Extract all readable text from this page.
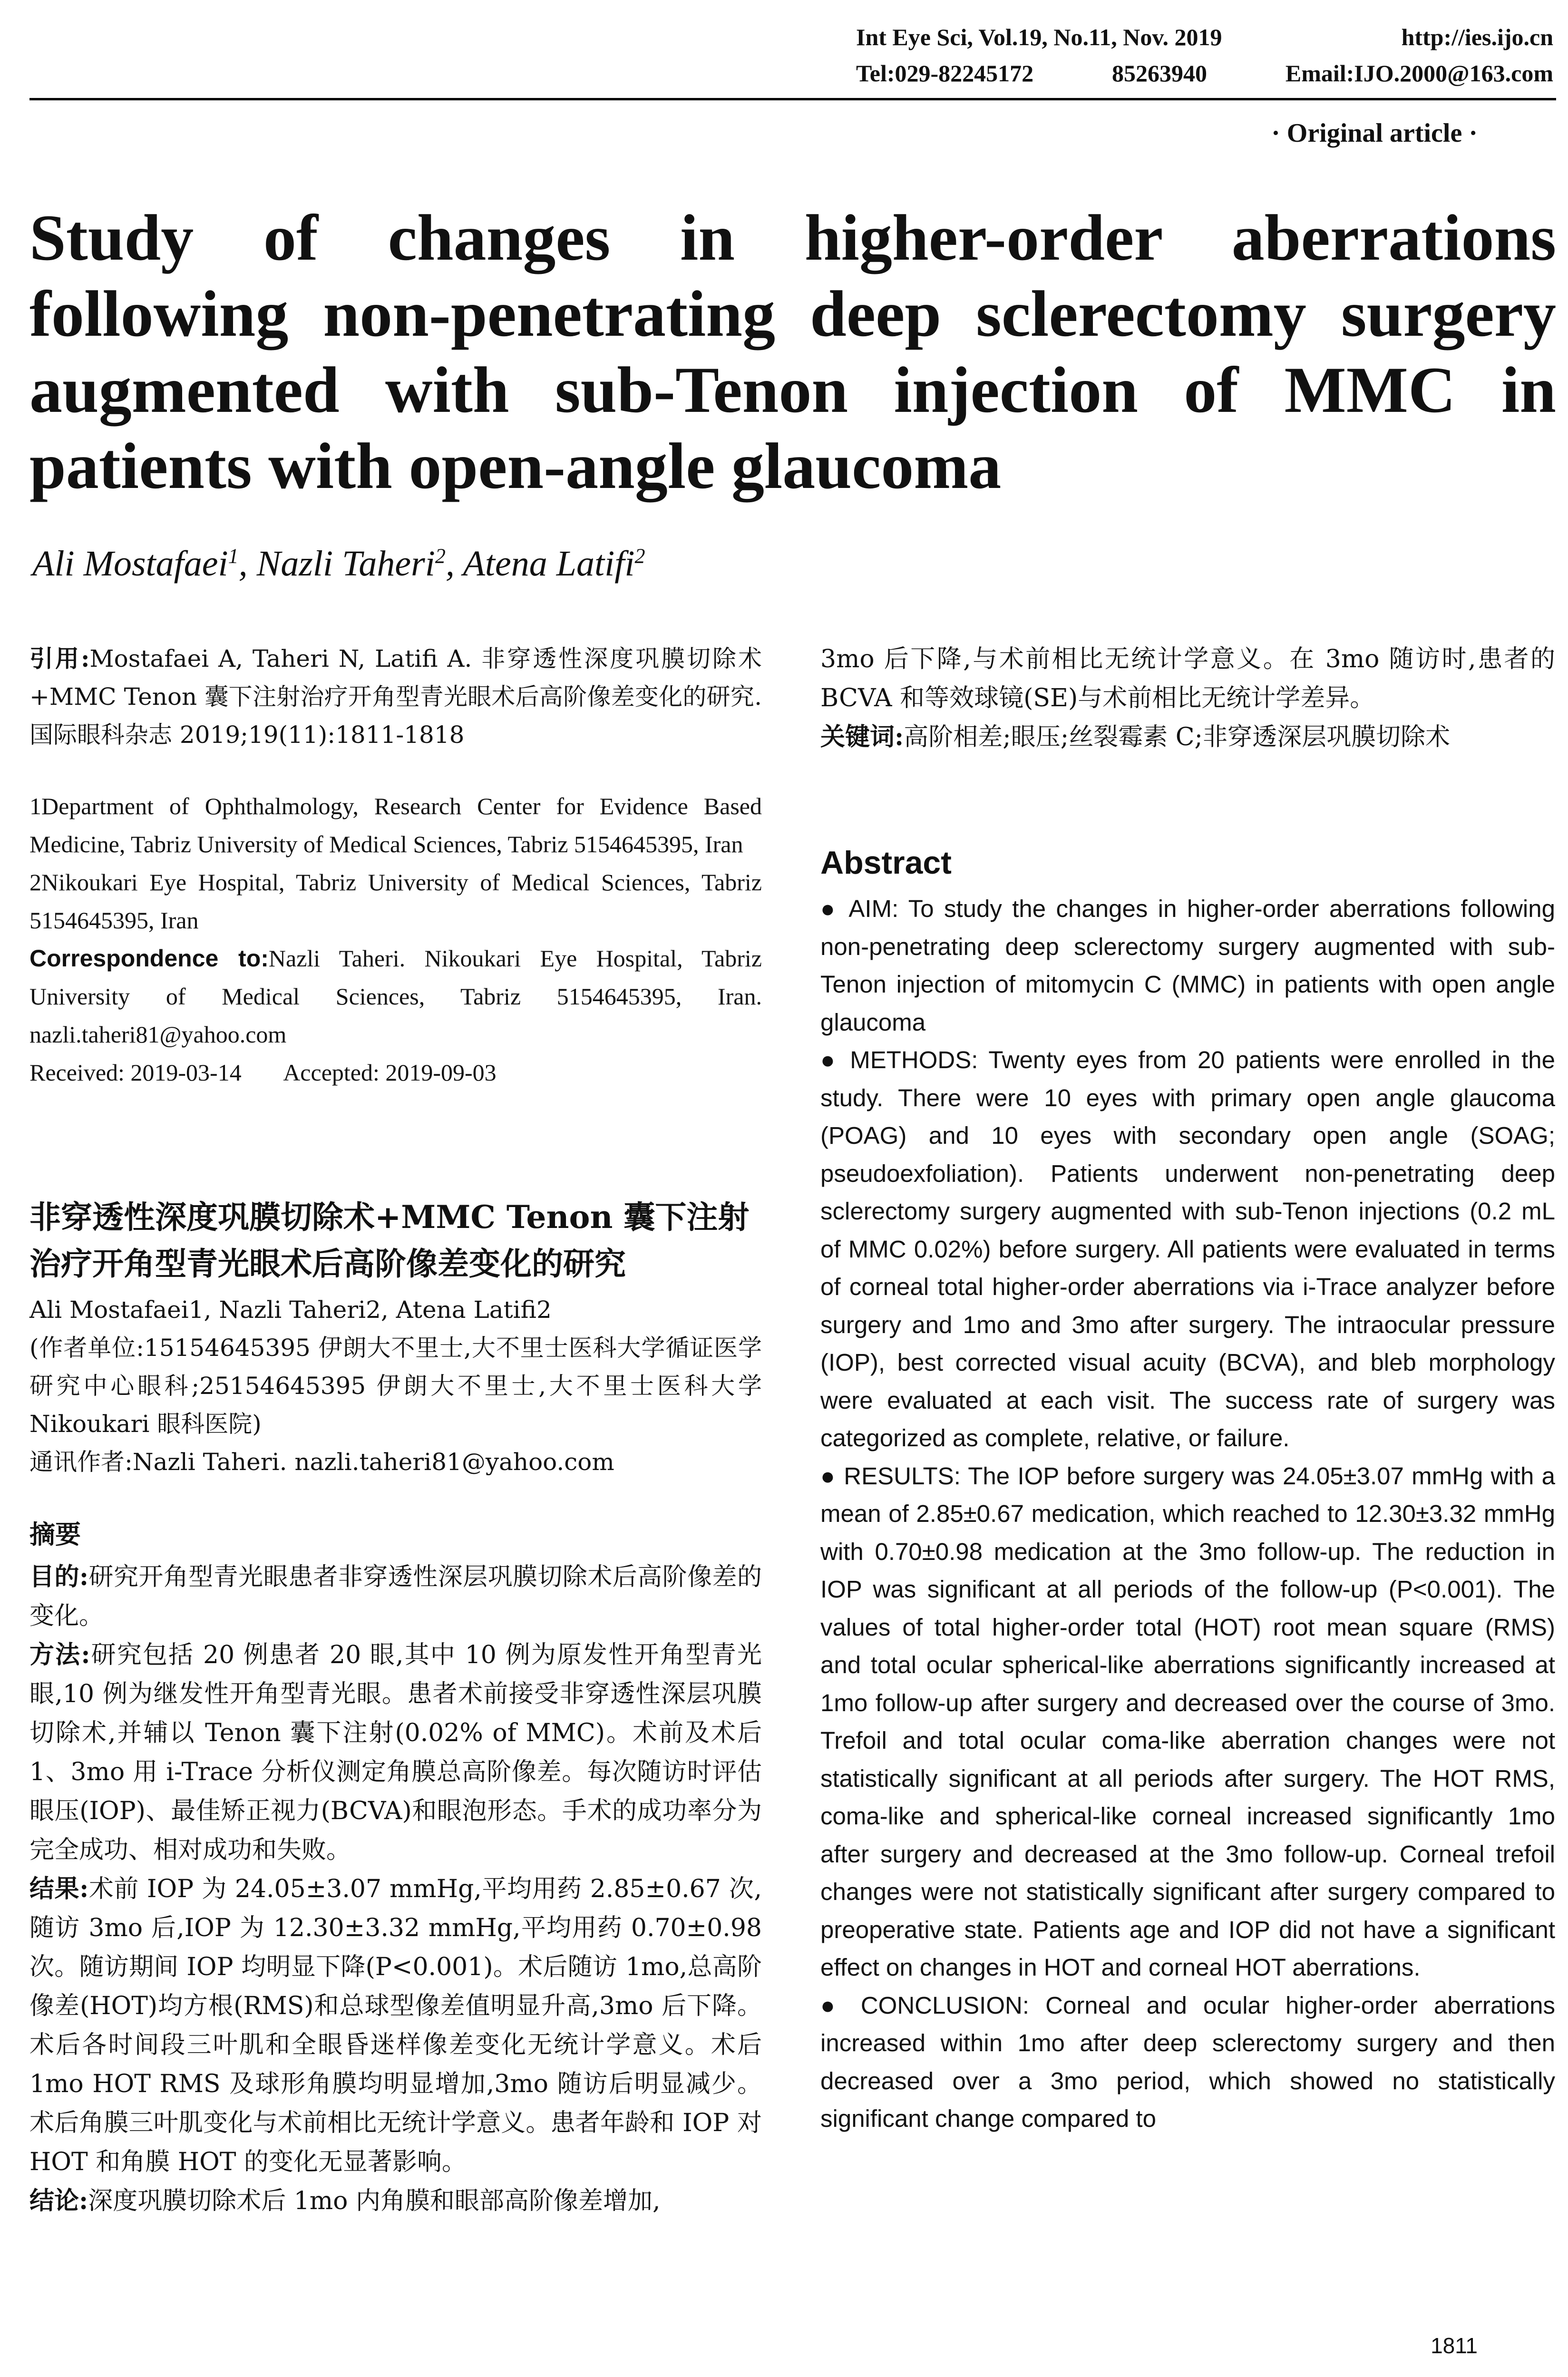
Int Eye Sci, Vol.19, No.11, Nov. 2019	http://ies.ijo.cn
Tel:029-82245172	85263940	Email:IJO.2000@163.com
· Original article ·
Study of changes in higher-order aberrations following non-penetrating deep sclerectomy surgery augmented with sub-Tenon injection of MMC in patients with open-angle glaucoma
Ali Mostafaei$^1$, Nazli Taheri$^2$, Atena Latifi$^2$
引用:Mostafaei A, Taheri N, Latifi A. 非穿透性深度巩膜切除术+MMC Tenon 囊下注射治疗开角型青光眼术后高阶像差变化的研究. 国际眼科杂志 2019;19(11):1811-1818

1Department of Ophthalmology, Research Center for Evidence Based Medicine, Tabriz University of Medical Sciences, Tabriz 5154645395, Iran

2Nikoukari Eye Hospital, Tabriz University of Medical Sciences, Tabriz 5154645395, Iran

Correspondence to:Nazli Taheri. Nikoukari Eye Hospital, Tabriz University of Medical Sciences, Tabriz 5154645395, Iran. nazli.taheri81@yahoo.com

Received: 2019-03-14 Accepted: 2019-09-03

非穿透性深度巩膜切除术+MMC Tenon 囊下注射治疗开角型青光眼术后高阶像差变化的研究

Ali Mostafaei1, Nazli Taheri2, Atena Latifi2
(作者单位:15154645395 伊朗大不里士,大不里士医科大学循证医学研究中心眼科;25154645395 伊朗大不里士,大不里士医科大学 Nikoukari 眼科医院)
通讯作者:Nazli Taheri. nazli.taheri81@yahoo.com

摘要

目的:研究开角型青光眼患者非穿透性深层巩膜切除术后高阶像差的变化。

方法:研究包括 20 例患者 20 眼,其中 10 例为原发性开角型青光眼,10 例为继发性开角型青光眼。患者术前接受非穿透性深层巩膜切除术,并辅以 Tenon 囊下注射(0.02% of MMC)。术前及术后 1、3mo 用 i-Trace 分析仪测定角膜总高阶像差。每次随访时评估眼压(IOP)、最佳矫正视力(BCVA)和眼泡形态。手术的成功率分为完全成功、相对成功和失败。

结果:术前 IOP 为 24.05±3.07 mmHg,平均用药 2.85±0.67 次,随访 3mo 后,IOP 为 12.30±3.32 mmHg,平均用药 0.70±0.98 次。随访期间 IOP 均明显下降(P<0.001)。术后随访 1mo,总高阶像差(HOT)均方根(RMS)和总球型像差值明显升高,3mo 后下降。术后各时间段三叶肌和全眼昏迷样像差变化无统计学意义。术后 1mo HOT RMS 及球形角膜均明显增加,3mo 随访后明显减少。术后角膜三叶肌变化与术前相比无统计学意义。患者年龄和 IOP 对 HOT 和角膜 HOT 的变化无显著影响。

结论:深度巩膜切除术后 1mo 内角膜和眼部高阶像差增加,

3mo 后下降,与术前相比无统计学意义。在 3mo 随访时,患者的 BCVA 和等效球镜(SE)与术前相比无统计学差异。
关键词:高阶相差;眼压;丝裂霉素 C;非穿透深层巩膜切除术
Abstract

● AIM: To study the changes in higher-order aberrations following non-penetrating deep sclerectomy surgery augmented with sub-Tenon injection of mitomycin C (MMC) in patients with open angle glaucoma

● METHODS: Twenty eyes from 20 patients were enrolled in the study. There were 10 eyes with primary open angle glaucoma (POAG) and 10 eyes with secondary open angle (SOAG; pseudoexfoliation). Patients underwent non-penetrating deep sclerectomy surgery augmented with sub-Tenon injections (0.2 mL of MMC 0.02%) before surgery. All patients were evaluated in terms of corneal total higher-order aberrations via i-Trace analyzer before surgery and 1mo and 3mo after surgery. The intraocular pressure (IOP), best corrected visual acuity (BCVA), and bleb morphology were evaluated at each visit. The success rate of surgery was categorized as complete, relative, or failure.

● RESULTS: The IOP before surgery was 24.05±3.07 mmHg with a mean of 2.85±0.67 medication, which reached to 12.30±3.32 mmHg with 0.70±0.98 medication at the 3mo follow-up. The reduction in IOP was significant at all periods of the follow-up (P<0.001). The values of total higher-order total (HOT) root mean square (RMS) and total ocular spherical-like aberrations significantly increased at 1mo follow-up after surgery and decreased over the course of 3mo. Trefoil and total ocular coma-like aberration changes were not statistically significant at all periods after surgery. The HOT RMS, coma-like and spherical-like corneal increased significantly 1mo after surgery and decreased at the 3mo follow-up. Corneal trefoil changes were not statistically significant after surgery compared to preoperative state. Patients age and IOP did not have a significant effect on changes in HOT and corneal HOT aberrations.

● CONCLUSION: Corneal and ocular higher-order aberrations increased within 1mo after deep sclerectomy surgery and then decreased over a 3mo period, which showed no statistically significant change compared to

1811
